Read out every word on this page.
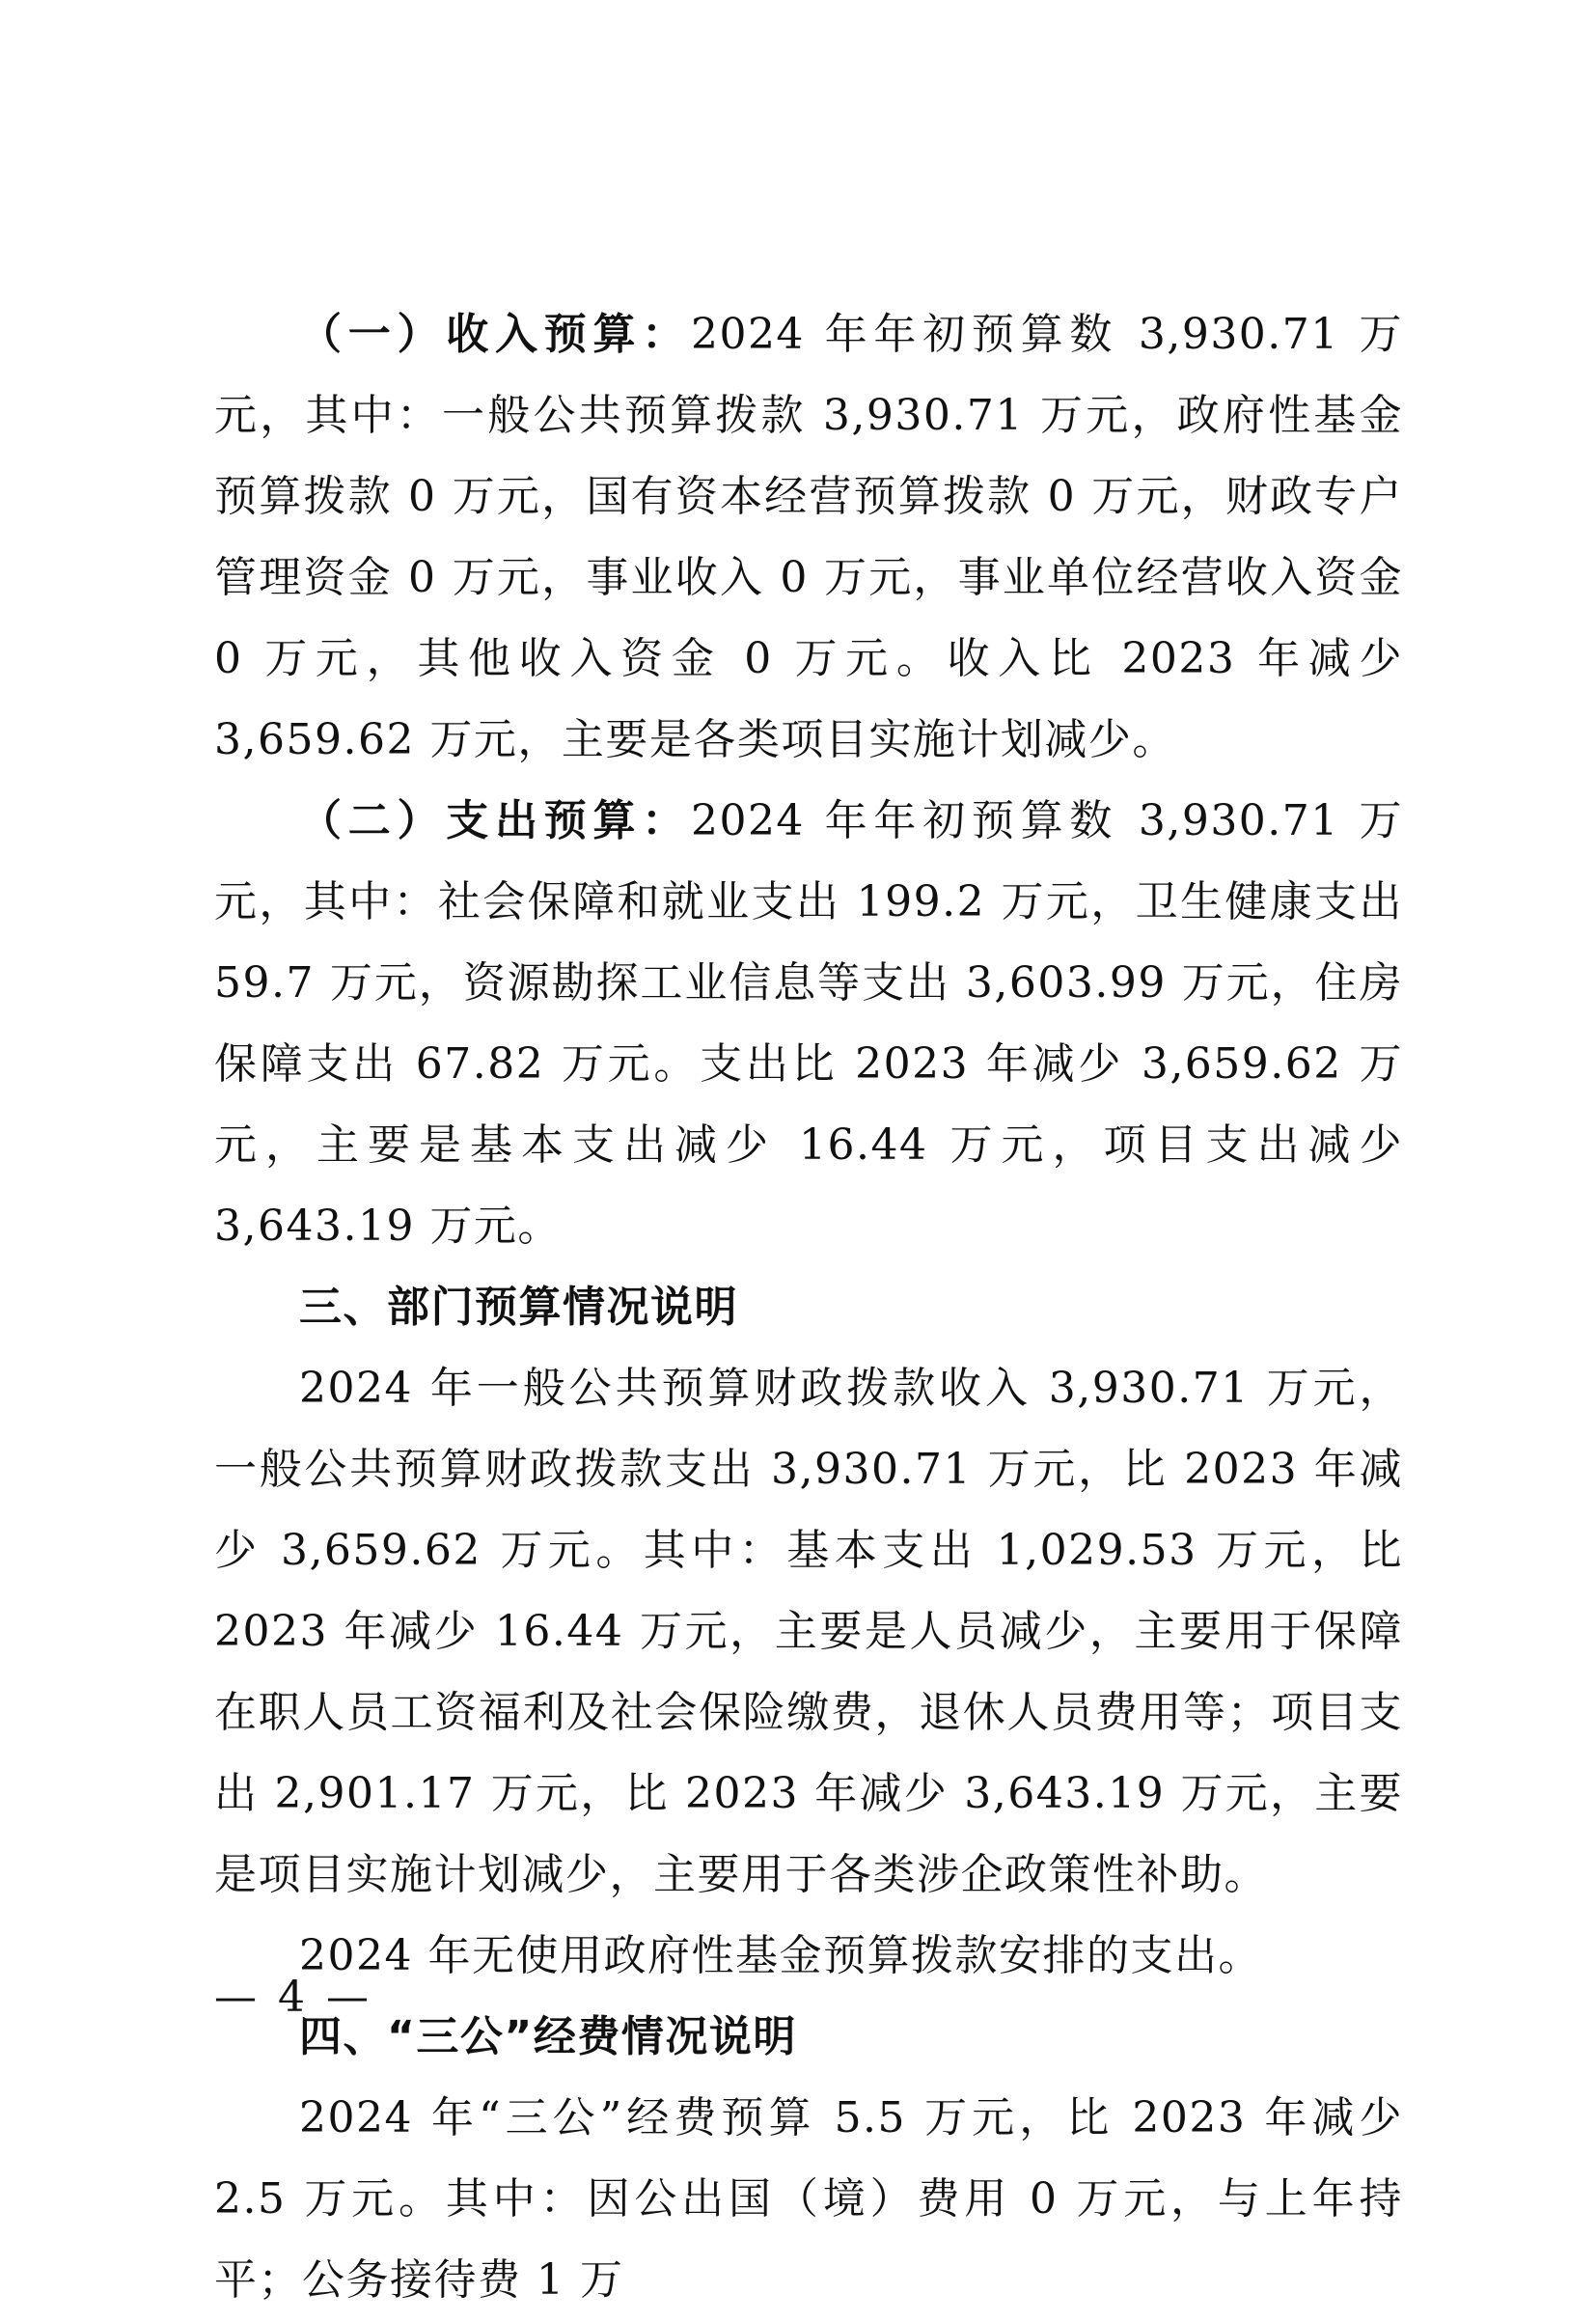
（一）收入预算：2024 年年初预算数 3,930.71 万元，其中：一般公共预算拨款 3,930.71 万元，政府性基金预算拨款 0 万元，国有资本经营预算拨款 0 万元，财政专户管理资金 0 万元，事业收入 0 万元，事业单位经营收入资金 0 万元，其他收入资金 0 万元。收入比 2023 年减少 3,659.62 万元，主要是各类项目实施计划减少。

（二）支出预算：2024 年年初预算数 3,930.71 万元，其中：社会保障和就业支出 199.2 万元，卫生健康支出 59.7 万元，资源勘探工业信息等支出 3,603.99 万元，住房保障支出 67.82 万元。支出比 2023 年减少 3,659.62 万元，主要是基本支出减少 16.44 万元，项目支出减少 3,643.19 万元。

三、部门预算情况说明

2024 年一般公共预算财政拨款收入 3,930.71 万元，一般公共预算财政拨款支出 3,930.71 万元，比 2023 年减少 3,659.62 万元。其中：基本支出 1,029.53 万元，比 2023 年减少 16.44 万元，主要是人员减少，主要用于保障在职人员工资福利及社会保险缴费，退休人员费用等；项目支出 2,901.17 万元，比 2023 年减少 3,643.19 万元，主要是项目实施计划减少，主要用于各类涉企政策性补助。

2024 年无使用政府性基金预算拨款安排的支出。

四、“三公”经费情况说明

2024 年“三公”经费预算 5.5 万元，比 2023 年减少 2.5 万元。其中：因公出国（境）费用 0 万元，与上年持平；公务接待费 1 万

— 4 —
